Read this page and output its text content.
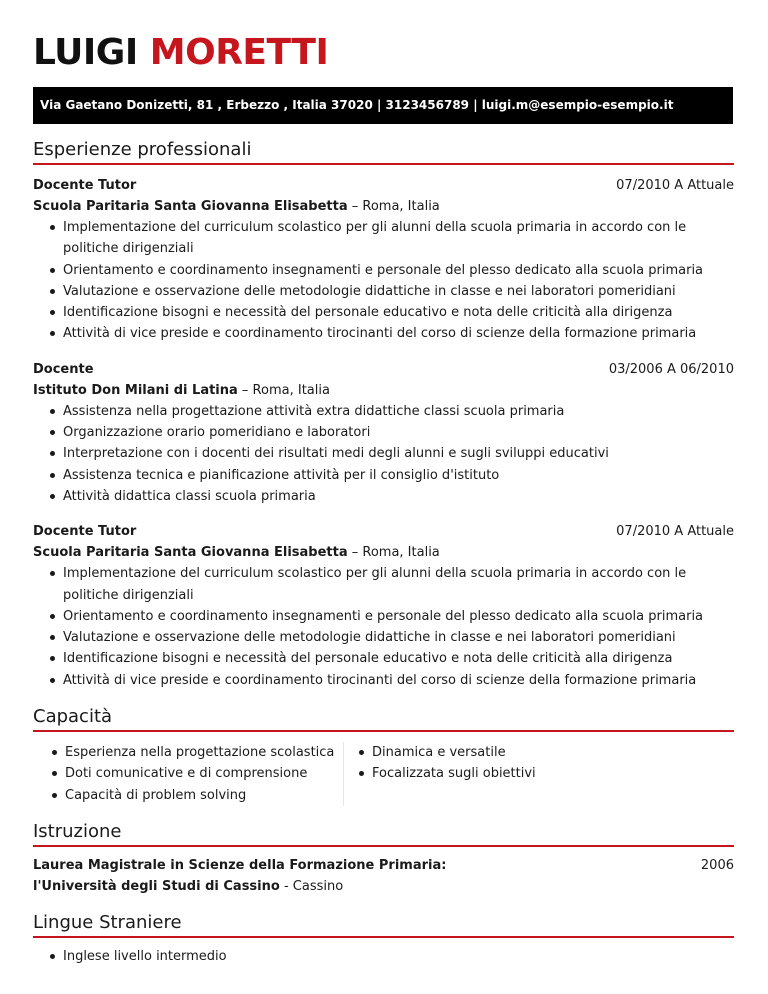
LUIGI MORETTI
Via Gaetano Donizetti, 81 , Erbezzo , Italia 37020 | 3123456789 | luigi.m@esempio-esempio.it
Esperienze professionali
Docente Tutor	07/2010 A Attuale
Scuola Paritaria Santa Giovanna Elisabetta – Roma, Italia
Implementazione del curriculum scolastico per gli alunni della scuola primaria in accordo con le politiche dirigenziali
Orientamento e coordinamento insegnamenti e personale del plesso dedicato alla scuola primaria
Valutazione e osservazione delle metodologie didattiche in classe e nei laboratori pomeridiani
Identificazione bisogni e necessità del personale educativo e nota delle criticità alla dirigenza
Attività di vice preside e coordinamento tirocinanti del corso di scienze della formazione primaria
Docente	03/2006 A 06/2010
Istituto Don Milani di Latina – Roma, Italia
Assistenza nella progettazione attività extra didattiche classi scuola primaria
Organizzazione orario pomeridiano e laboratori
Interpretazione con i docenti dei risultati medi degli alunni e sugli sviluppi educativi
Assistenza tecnica e pianificazione attività per il consiglio d'istituto
Attività didattica classi scuola primaria
Docente Tutor	07/2010 A Attuale
Scuola Paritaria Santa Giovanna Elisabetta – Roma, Italia
Implementazione del curriculum scolastico per gli alunni della scuola primaria in accordo con le politiche dirigenziali
Orientamento e coordinamento insegnamenti e personale del plesso dedicato alla scuola primaria
Valutazione e osservazione delle metodologie didattiche in classe e nei laboratori pomeridiani
Identificazione bisogni e necessità del personale educativo e nota delle criticità alla dirigenza
Attività di vice preside e coordinamento tirocinanti del corso di scienze della formazione primaria
Capacità
Esperienza nella progettazione scolastica
Doti comunicative e di comprensione
Capacità di problem solving
Dinamica e versatile
Focalizzata sugli obiettivi
Istruzione
Laurea Magistrale in Scienze della Formazione Primaria:	2006
l'Università degli Studi di Cassino - Cassino
Lingue Straniere
Inglese livello intermedio
